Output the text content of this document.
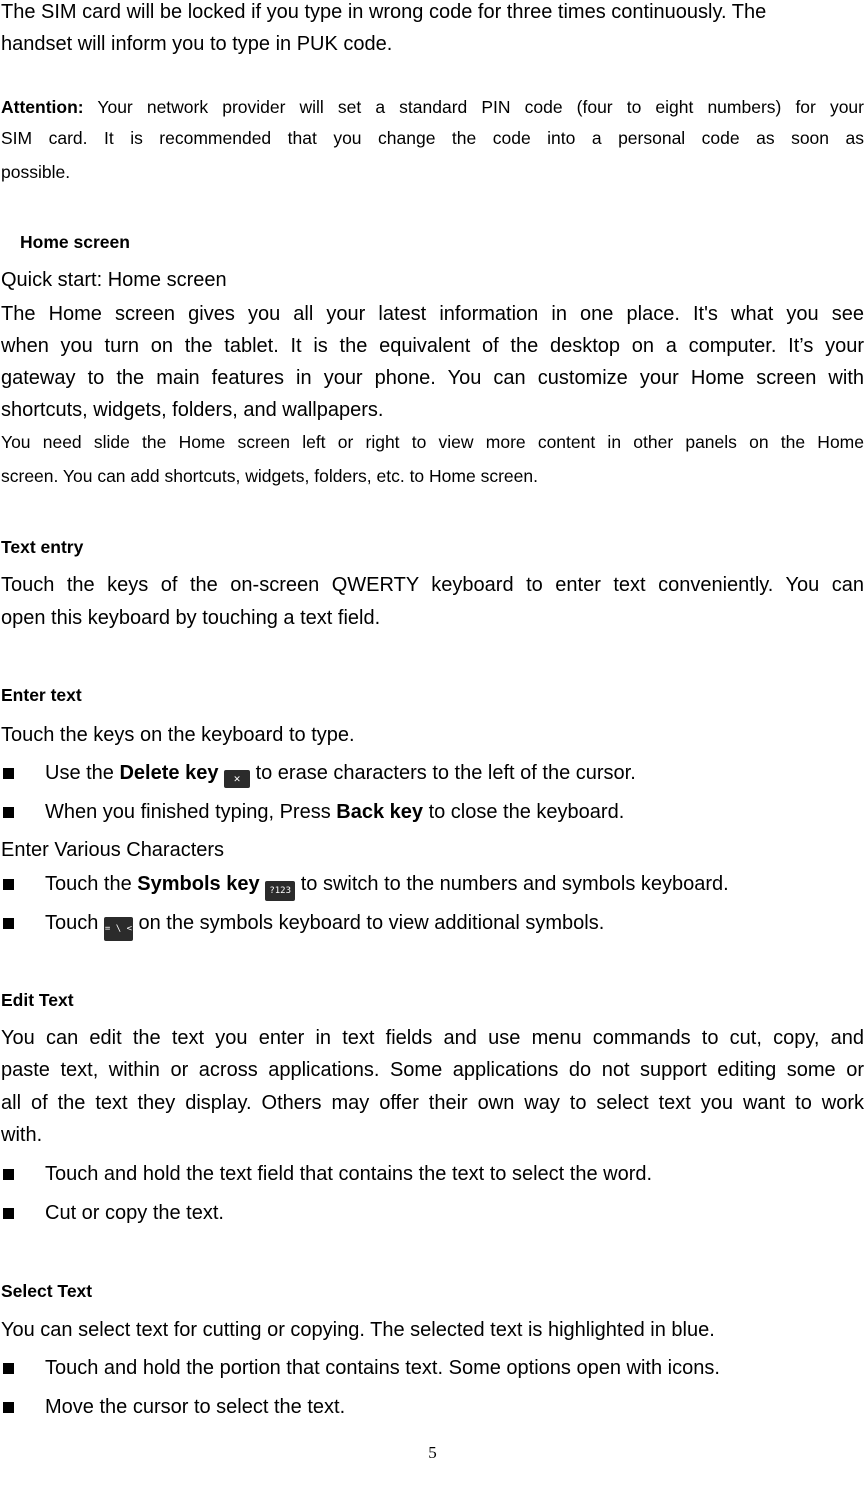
The SIM card will be locked if you type in wrong code for three times continuously. The
handset will inform you to type in PUK code.
Attention: Your network provider will set a standard PIN code (four to eight numbers) for your
SIM card. It is recommended that you change the code into a personal code as soon as
possible.
Home screen
Quick start: Home screen
The Home screen gives you all your latest information in one place. It's what you see
when you turn on the tablet. It is the equivalent of the desktop on a computer. It’s your
gateway to the main features in your phone. You can customize your Home screen with
shortcuts, widgets, folders, and wallpapers.
You need slide the Home screen left or right to view more content in other panels on the Home
screen. You can add shortcuts, widgets, folders, etc. to Home screen.
Text entry
Touch the keys of the on-screen QWERTY keyboard to enter text conveniently. You can
open this keyboard by touching a text field.
Enter text
Touch the keys on the keyboard to type.
Use the Delete key ✕ to erase characters to the left of the cursor.
When you finished typing, Press Back key to close the keyboard.
Enter Various Characters
Touch the Symbols key ?123 to switch to the numbers and symbols keyboard.
Touch = \ < on the symbols keyboard to view additional symbols.
Edit Text
You can edit the text you enter in text fields and use menu commands to cut, copy, and
paste text, within or across applications. Some applications do not support editing some or
all of the text they display. Others may offer their own way to select text you want to work
with.
Touch and hold the text field that contains the text to select the word.
Cut or copy the text.
Select Text
You can select text for cutting or copying. The selected text is highlighted in blue.
Touch and hold the portion that contains text. Some options open with icons.
Move the cursor to select the text.
5
